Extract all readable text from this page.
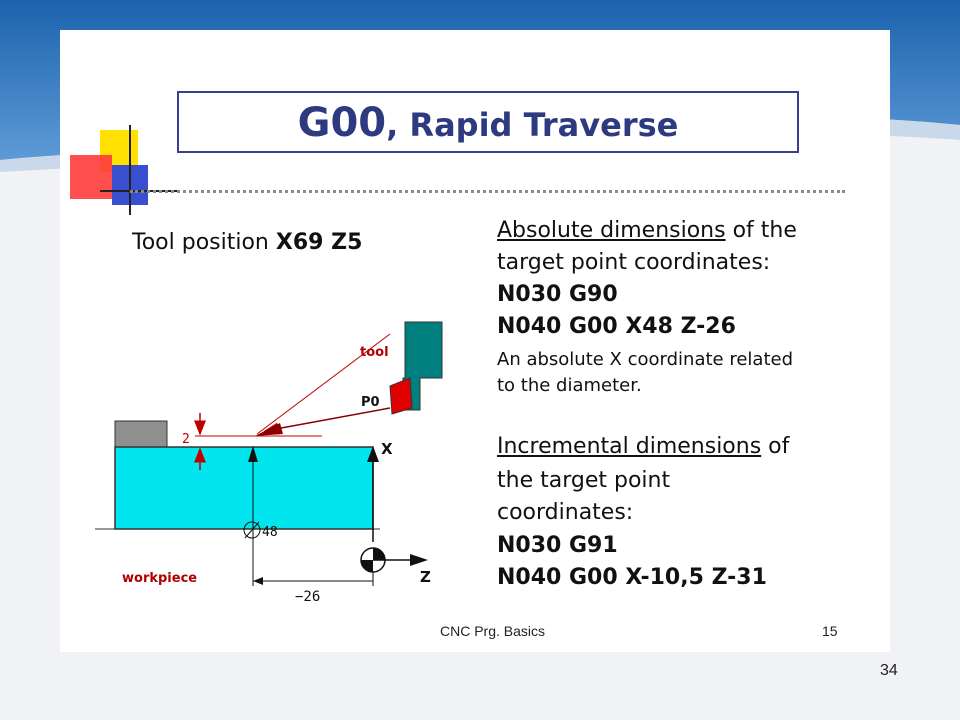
G00, Rapid Traverse
Tool position X69 Z5
2
X
Z
48
−26
tool
P0
workpiece
Absolute dimensions of the
target point coordinates:
N030 G90
N040 G00 X48 Z-26
An absolute X coordinate related
to the diameter.
Incremental dimensions of
the target point
coordinates:
N030 G91
N040 G00 X-10,5 Z-31
CNC Prg. Basics	15
34
